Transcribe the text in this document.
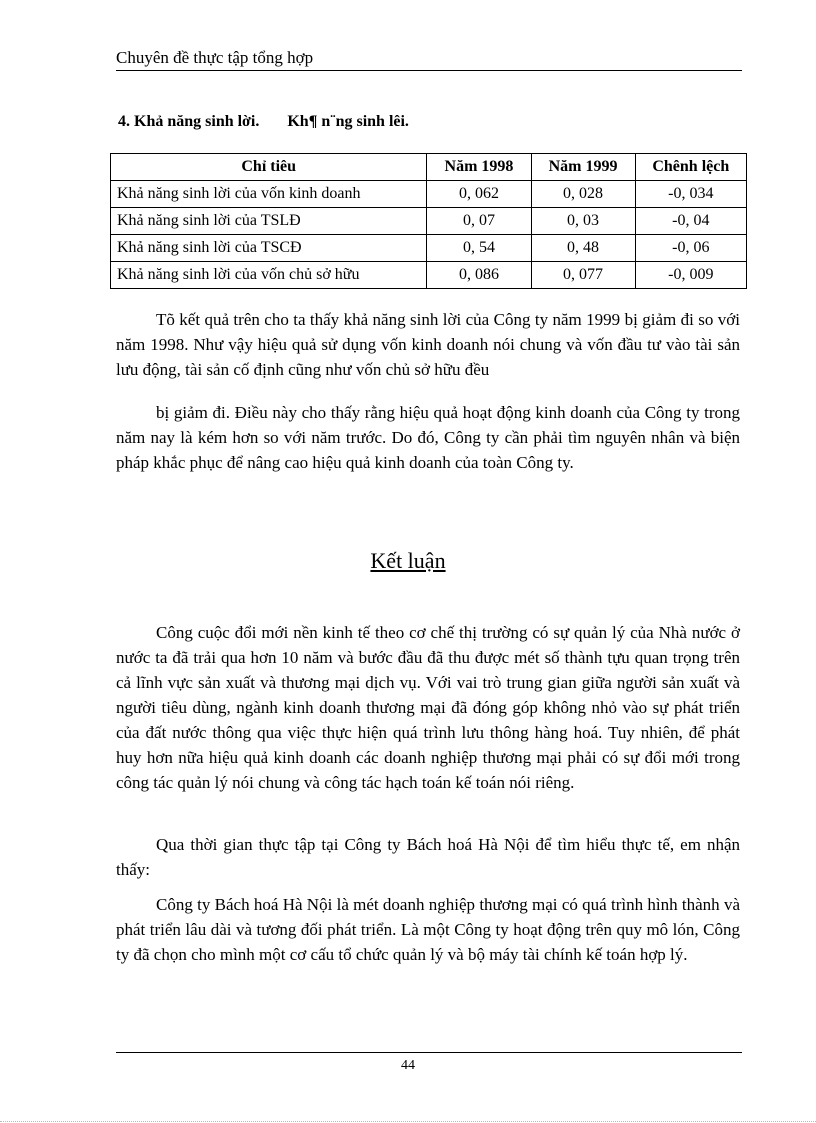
Chuyên đề thực tập tổng hợp
4. Khả năng sinh lời. Kh¶ n¨ng sinh lêi.
Chỉ tiêu	Năm 1998	Năm 1999	Chênh lệch
Khả năng sinh lời của vốn kinh doanh	0, 062	0, 028	-0, 034
Khả năng sinh lời của TSLĐ	0, 07	0, 03	-0, 04
Khả năng sinh lời của TSCĐ	0, 54	0, 48	-0, 06
Khả năng sinh lời của vốn chủ sở hữu	0, 086	0, 077	-0, 009

Tõ kết quả trên cho ta thấy khả năng sinh lời của Công ty năm 1999 bị giảm đi so với năm 1998. Như vậy hiệu quả sử dụng vốn kinh doanh nói chung và vốn đầu tư vào tài sản lưu động, tài sản cố định cũng như vốn chủ sở hữu đều

bị giảm đi. Điều này cho thấy rằng hiệu quả hoạt động kinh doanh của Công ty trong năm nay là kém hơn so với năm trước. Do đó, Công ty cần phải tìm nguyên nhân và biện pháp khắc phục để nâng cao hiệu quả kinh doanh của toàn Công ty.

Kết luận

Công cuộc đổi mới nền kinh tế theo cơ chế thị trường có sự quản lý của Nhà nước ở nước ta đã trải qua hơn 10 năm và bước đầu đã thu được mét số thành tựu quan trọng trên cả lĩnh vực sản xuất và thương mại dịch vụ. Với vai trò trung gian giữa người sản xuất và người tiêu dùng, ngành kinh doanh thương mại đã đóng góp không nhỏ vào sự phát triển của đất nước thông qua việc thực hiện quá trình lưu thông hàng hoá. Tuy nhiên, để phát huy hơn nữa hiệu quả kinh doanh các doanh nghiệp thương mại phải có sự đổi mới trong công tác quản lý nói chung và công tác hạch toán kế toán nói riêng.

Qua thời gian thực tập tại Công ty Bách hoá Hà Nội để tìm hiểu thực tế, em nhận thấy:

Công ty Bách hoá Hà Nội là mét doanh nghiệp thương mại có quá trình hình thành và phát triển lâu dài và tương đối phát triển. Là một Công ty hoạt động trên quy mô lón, Công ty đã chọn cho mình một cơ cấu tổ chức quản lý và bộ máy tài chính kế toán hợp lý.

44
